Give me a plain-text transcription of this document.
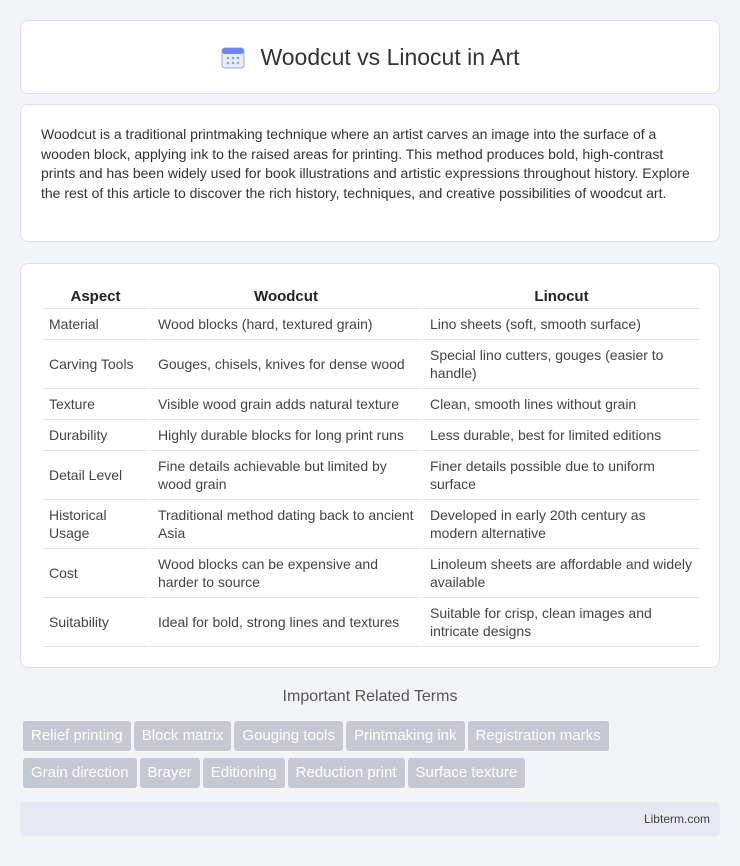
Woodcut vs Linocut in Art

Woodcut is a traditional printmaking technique where an artist carves an image into the surface of a wooden block, applying ink to the raised areas for printing. This method produces bold, high-contrast prints and has been widely used for book illustrations and artistic expressions throughout history. Explore the rest of this article to discover the rich history, techniques, and creative possibilities of woodcut art.

Aspect	Woodcut	Linocut
Material	Wood blocks (hard, textured grain)	Lino sheets (soft, smooth surface)
Carving Tools	Gouges, chisels, knives for dense wood	Special lino cutters, gouges (easier to handle)
Texture	Visible wood grain adds natural texture	Clean, smooth lines without grain
Durability	Highly durable blocks for long print runs	Less durable, best for limited editions
Detail Level	Fine details achievable but limited by wood grain	Finer details possible due to uniform surface
Historical Usage	Traditional method dating back to ancient Asia	Developed in early 20th century as modern alternative
Cost	Wood blocks can be expensive and harder to source	Linoleum sheets are affordable and widely available
Suitability	Ideal for bold, strong lines and textures	Suitable for crisp, clean images and intricate designs
Important Related Terms
Relief printing Block matrix Gouging tools Printmaking ink Registration marks
Grain direction Brayer Editioning Reduction print Surface texture
Libterm.com
